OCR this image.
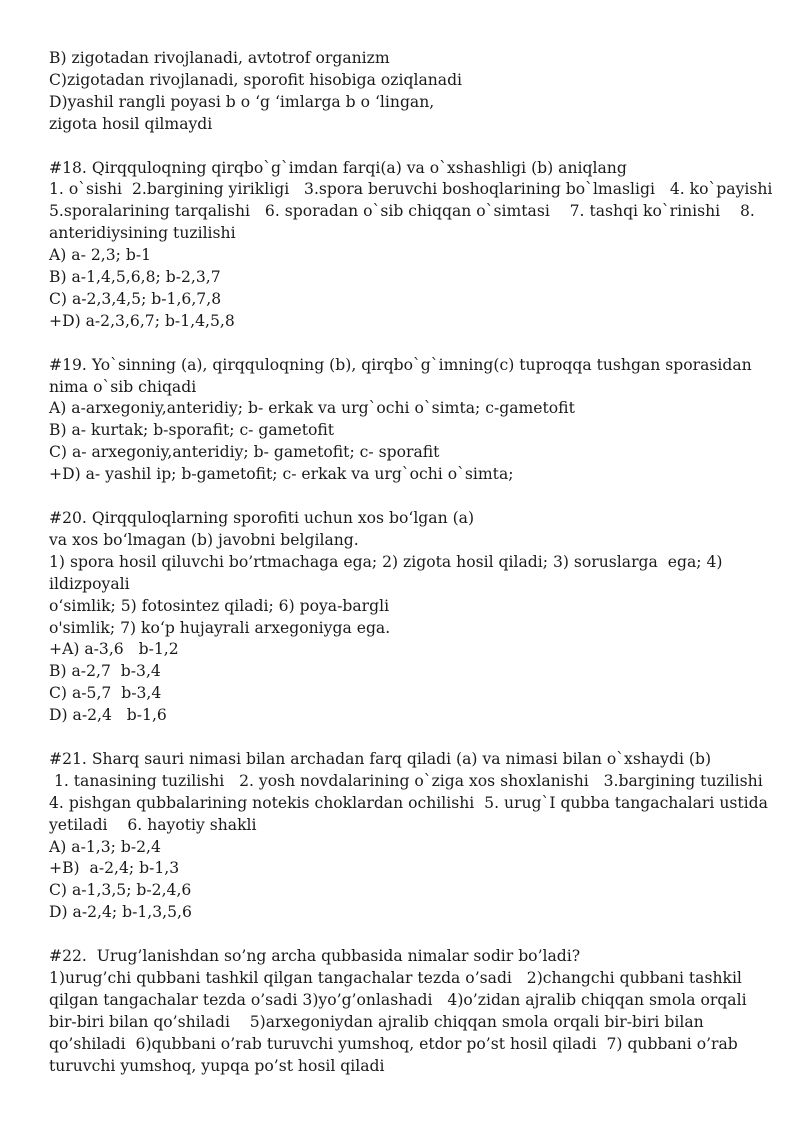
B) zigotadan rivojlanadi, avtotrof organizm

C)zigotadan rivojlanadi, sporofit hisobiga oziqlanadi

D)yashil rangli poyasi b o ‘g ‘imlarga b o ‘lingan,

zigota hosil qilmaydi

#18. Qirqquloqning qirqbo`g`imdan farqi(a) va o`xshashligi (b) aniqlang

1. o`sishi  2.bargining yirikligi   3.spora beruvchi boshoqlarining bo`lmasligi   4. ko`payishi

5.sporalarining tarqalishi   6. sporadan o`sib chiqqan o`simtasi    7. tashqi ko`rinishi    8.

anteridiysining tuzilishi

A) a- 2,3; b-1

B) a-1,4,5,6,8; b-2,3,7

C) a-2,3,4,5; b-1,6,7,8

+D) a-2,3,6,7; b-1,4,5,8

#19. Yo`sinning (a), qirqquloqning (b), qirqbo`g`imning(c) tuproqqa tushgan sporasidan

nima o`sib chiqadi

A) a-arxegoniy,anteridiy; b- erkak va urg`ochi o`simta; c-gametofit

B) a- kurtak; b-sporafit; c- gametofit

C) a- arxegoniy,anteridiy; b- gametofit; c- sporafit

+D) a- yashil ip; b-gametofit; c- erkak va urg`ochi o`simta;

#20. Qirqquloqlarning sporofiti uchun xos bo‘lgan (a)

va xos bo‘lmagan (b) javobni belgilang.

1) spora hosil qiluvchi bo’rtmachaga ega; 2) zigota hosil qiladi; 3) soruslarga  ega; 4)

ildizpoyali

o‘simlik; 5) fotosintez qiladi; 6) poya-bargli

o'simlik; 7) ko‘p hujayrali arxegoniyga ega.

+A) a-3,6   b-1,2

B) a-2,7  b-3,4

C) a-5,7  b-3,4

D) a-2,4   b-1,6

#21. Sharq sauri nimasi bilan archadan farq qiladi (a) va nimasi bilan o`xshaydi (b)

1. tanasining tuzilishi   2. yosh novdalarining o`ziga xos shoxlanishi   3.bargining tuzilishi

4. pishgan qubbalarining notekis choklardan ochilishi  5. urug`I qubba tangachalari ustida

yetiladi    6. hayotiy shakli

A) a-1,3; b-2,4

+B)  a-2,4; b-1,3

C) a-1,3,5; b-2,4,6

D) a-2,4; b-1,3,5,6

#22.  Urug’lanishdan so’ng archa qubbasida nimalar sodir bo’ladi?

1)urug’chi qubbani tashkil qilgan tangachalar tezda o’sadi   2)changchi qubbani tashkil

qilgan tangachalar tezda o’sadi 3)yo’g’onlashadi   4)o’zidan ajralib chiqqan smola orqali

bir-biri bilan qo’shiladi    5)arxegoniydan ajralib chiqqan smola orqali bir-biri bilan

qo’shiladi  6)qubbani o’rab turuvchi yumshoq, etdor po’st hosil qiladi  7) qubbani o’rab

turuvchi yumshoq, yupqa po’st hosil qiladi
